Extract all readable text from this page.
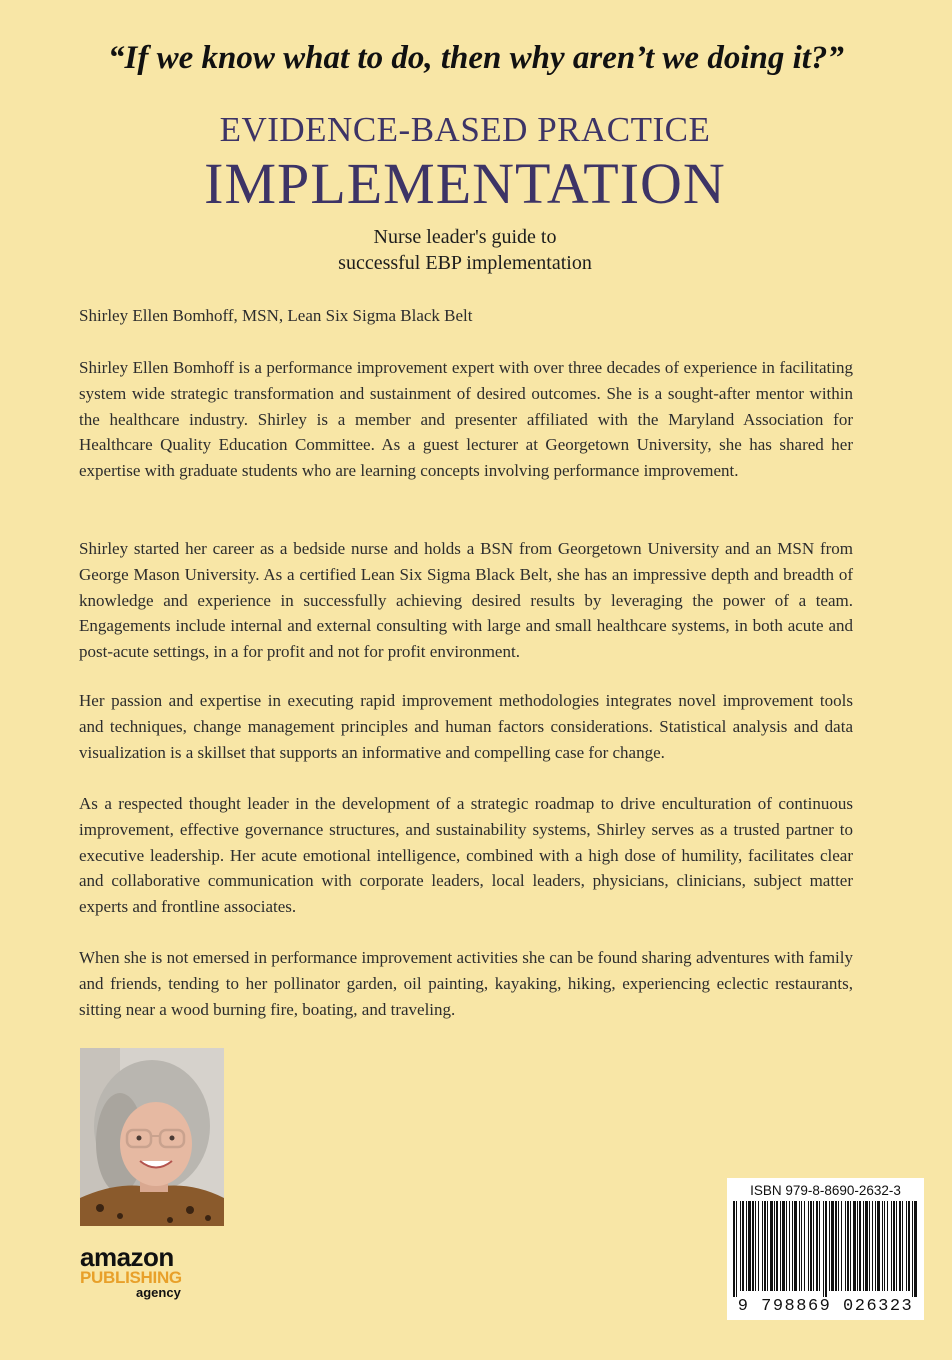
“If we know what to do, then why aren’t we doing it?”
EVIDENCE-BASED PRACTICE
IMPLEMENTATION
Nurse leader's guide to
successful EBP implementation
Shirley Ellen Bomhoff, MSN, Lean Six Sigma Black Belt
Shirley Ellen Bomhoff is a performance improvement expert with over three decades of experience in facilitating system wide strategic transformation and sustainment of desired outcomes. She is a sought-after mentor within the healthcare industry. Shirley is a member and presenter affiliated with the Maryland Association for Healthcare Quality Education Committee. As a guest lecturer at Georgetown University, she has shared her expertise with graduate students who are learning concepts involving performance improvement.
Shirley started her career as a bedside nurse and holds a BSN from Georgetown University and an MSN from George Mason University. As a certified Lean Six Sigma Black Belt, she has an impressive depth and breadth of knowledge and experience in successfully achieving desired results by leveraging the power of a team. Engagements include internal and external consulting with large and small healthcare systems, in both acute and post-acute settings, in a for profit and not for profit environment.
Her passion and expertise in executing rapid improvement methodologies integrates novel improvement tools and techniques, change management principles and human factors considerations. Statistical analysis and data visualization is a skillset that supports an informative and compelling case for change.
As a respected thought leader in the development of a strategic roadmap to drive enculturation of continuous improvement, effective governance structures, and sustainability systems, Shirley serves as a trusted partner to executive leadership. Her acute emotional intelligence, combined with a high dose of humility, facilitates clear and collaborative communication with corporate leaders, local leaders, physicians, clinicians, subject matter experts and frontline associates.
When she is not emersed in performance improvement activities she can be found sharing adventures with family and friends, tending to her pollinator garden, oil painting, kayaking, hiking, experiencing eclectic restaurants, sitting near a wood burning fire, boating, and traveling.
amazon
PUBLISHING
agency
ISBN 979-8-8690-2632-3
9 798869 026323
